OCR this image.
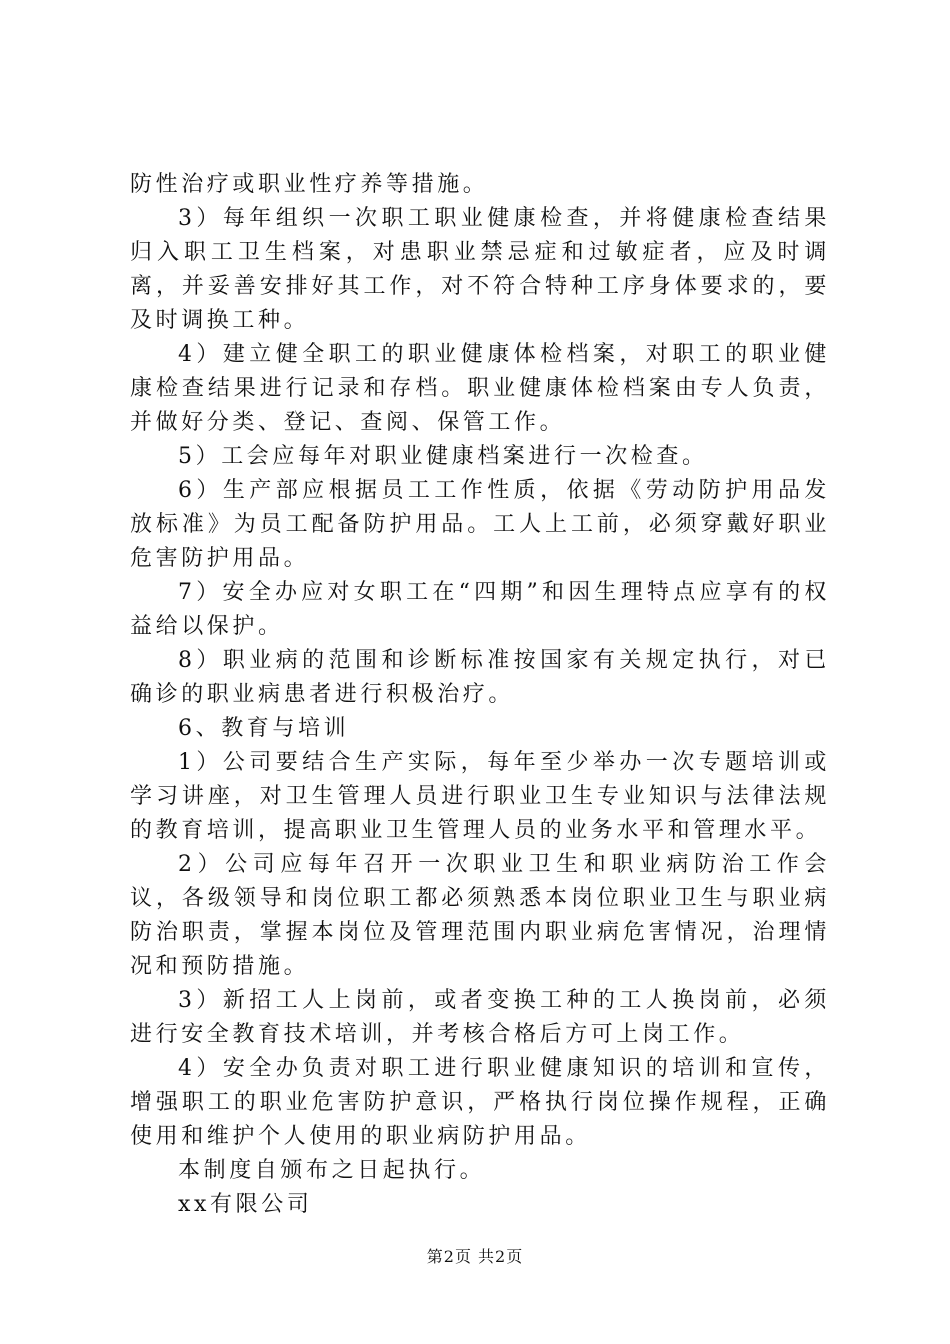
防性治疗或职业性疗养等措施。

3）每年组织一次职工职业健康检查，并将健康检查结果归入职工卫生档案，对患职业禁忌症和过敏症者，应及时调离，并妥善安排好其工作，对不符合特种工序身体要求的，要及时调换工种。

4）建立健全职工的职业健康体检档案，对职工的职业健康检查结果进行记录和存档。职业健康体检档案由专人负责，并做好分类、登记、查阅、保管工作。

5）工会应每年对职业健康档案进行一次检查。

6）生产部应根据员工工作性质，依据《劳动防护用品发放标准》为员工配备防护用品。工人上工前，必须穿戴好职业危害防护用品。

7）安全办应对女职工在“四期”和因生理特点应享有的权益给以保护。

8）职业病的范围和诊断标准按国家有关规定执行，对已确诊的职业病患者进行积极治疗。

6、教育与培训

1）公司要结合生产实际，每年至少举办一次专题培训或学习讲座，对卫生管理人员进行职业卫生专业知识与法律法规的教育培训，提高职业卫生管理人员的业务水平和管理水平。

2）公司应每年召开一次职业卫生和职业病防治工作会议，各级领导和岗位职工都必须熟悉本岗位职业卫生与职业病防治职责，掌握本岗位及管理范围内职业病危害情况，治理情况和预防措施。

3）新招工人上岗前，或者变换工种的工人换岗前，必须进行安全教育技术培训，并考核合格后方可上岗工作。

4）安全办负责对职工进行职业健康知识的培训和宣传，增强职工的职业危害防护意识，严格执行岗位操作规程，正确使用和维护个人使用的职业病防护用品。

本制度自颁布之日起执行。

xx有限公司

第2页 共2页
